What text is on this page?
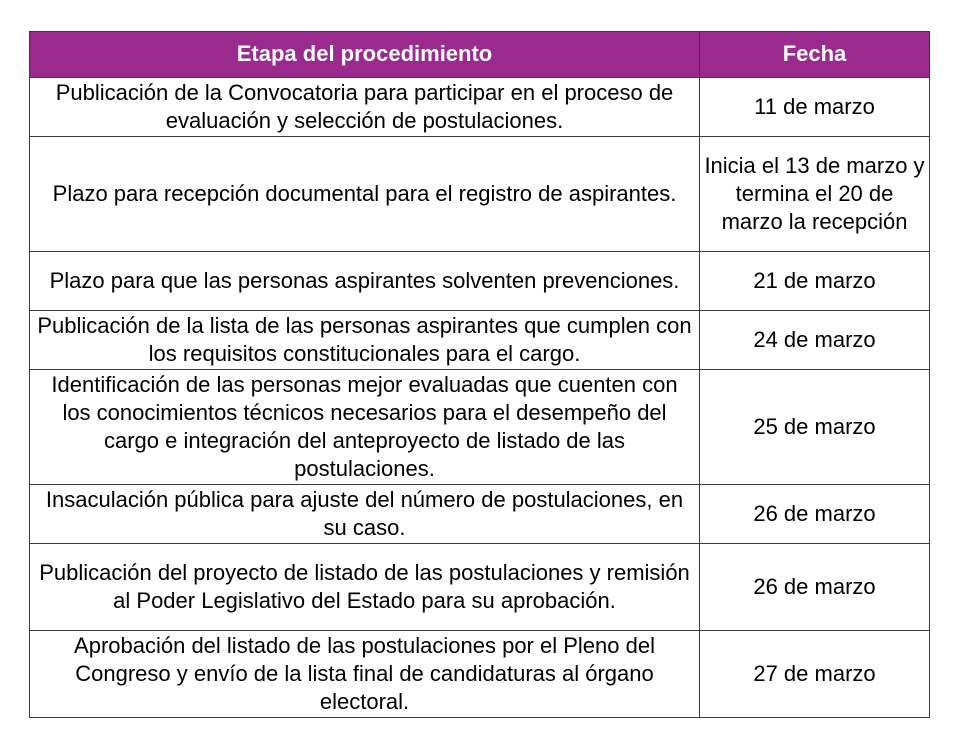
Etapa del procedimiento	Fecha
Publicación de la Convocatoria para participar en el proceso de evaluación y selección de postulaciones.	11 de marzo
Plazo para recepción documental para el registro de aspirantes.	Inicia el 13 de marzo y termina el 20 de marzo la recepción
Plazo para que las personas aspirantes solventen prevenciones.	21 de marzo
Publicación de la lista de las personas aspirantes que cumplen con los requisitos constitucionales para el cargo.	24 de marzo
Identificación de las personas mejor evaluadas que cuenten con los conocimientos técnicos necesarios para el desempeño del cargo e integración del anteproyecto de listado de las postulaciones.	25 de marzo
Insaculación pública para ajuste del número de postulaciones, en su caso.	26 de marzo
Publicación del proyecto de listado de las postulaciones y remisión al Poder Legislativo del Estado para su aprobación.	26 de marzo
Aprobación del listado de las postulaciones por el Pleno del Congreso y envío de la lista final de candidaturas al órgano electoral.	27 de marzo
